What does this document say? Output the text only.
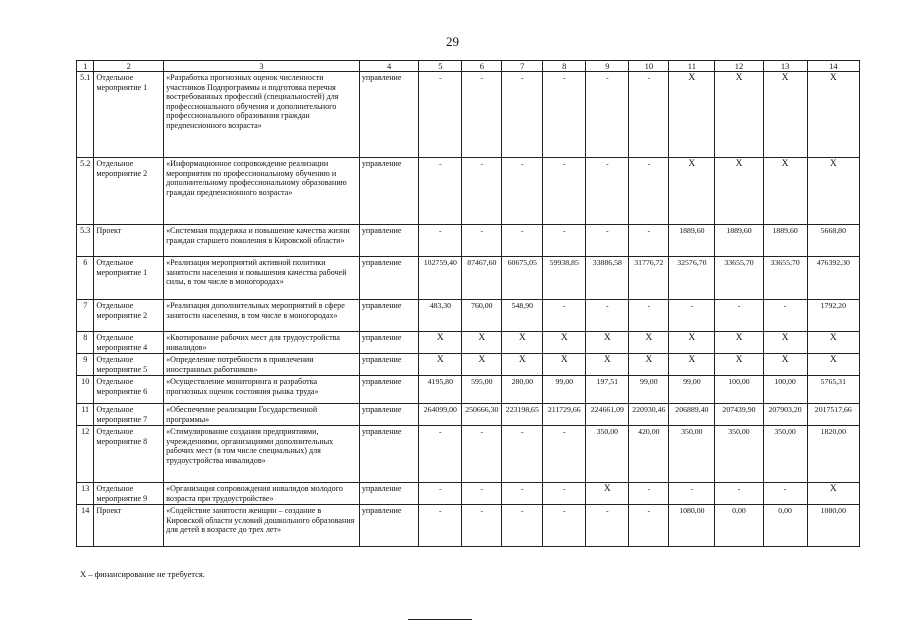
29
1	2	3	4	5	6	7	8	9	10	11	12	13	14
5.1	Отдельное мероприятие 1	«Разработка прогнозных оценок численности участников Подпрограммы и подготовка перечня востребованных профессий (специальностей) для профессионального обучения и дополнительного профессионального образования граждан предпенсионного возраста»	управление	-	-	-	-	-	-	Х	Х	Х	Х
5.2	Отдельное мероприятие 2	«Информационное сопровождение реализации мероприятия по профессиональному обучению и дополнительному профессиональному образованию граждан предпенсионного возраста»	управление	-	-	-	-	-	-	Х	Х	Х	Х
5.3	Проект	«Системная поддержка и повышение качества жизни граждан старшего поколения в Кировской области»	управление	-	-	-	-	-	-	1889,60	1889,60	1889,60	5668,80
6	Отдельное мероприятие 1	«Реализация мероприятий активной политики занятости населения и повышения качества рабочей силы, в том числе в моногородах»	управление	102759,40	87467,60	60675,05	59938,85	33886,58	31776,72	32576,70	33655,70	33655,70	476392,30
7	Отдельное мероприятие 2	«Реализация дополнительных мероприятий в сфере занятости населения, в том числе в моногородах»	управление	483,30	760,00	548,90	-	-	-	-	-	-	1792,20
8	Отдельное мероприятие 4	«Квотирование рабочих мест для трудоустройства инвалидов»	управление	Х	Х	Х	Х	Х	Х	Х	Х	Х	Х
9	Отдельное мероприятие 5	«Определение потребности в привлечении иностранных работников»	управление	Х	Х	Х	Х	Х	Х	Х	Х	Х	Х
10	Отдельное мероприятие 6	«Осуществление мониторинга и разработка прогнозных оценок состояния рынка труда»	управление	4195,80	595,00	280,00	99,00	197,51	99,00	99,00	100,00	100,00	5765,31
11	Отдельное мероприятие 7	«Обеспечение реализации Государственной программы»	управление	264099,00	250666,30	223198,65	211729,66	224661,09	220930,46	206889,40	207439,90	207903,20	2017517,66
12	Отдельное мероприятие 8	«Стимулирование создания предприятиями, учреждениями, организациями дополнительных рабочих мест (в том числе специальных) для трудоустройства инвалидов»	управление	-	-	-	-	350,00	420,00	350,00	350,00	350,00	1820,00
13	Отдельное мероприятие 9	«Организация сопровождения инвалидов молодого возраста при трудоустройстве»	управление	-	-	-	-	Х	-	-	-	-	Х
14	Проект	«Содействие занятости женщин – создание в Кировской области условий дошкольного образования для детей в возрасте до трех лет»	управление	-	-	-	-	-	-	1080,00	0,00	0,00	1080,00
Х – финансирование не требуется.
